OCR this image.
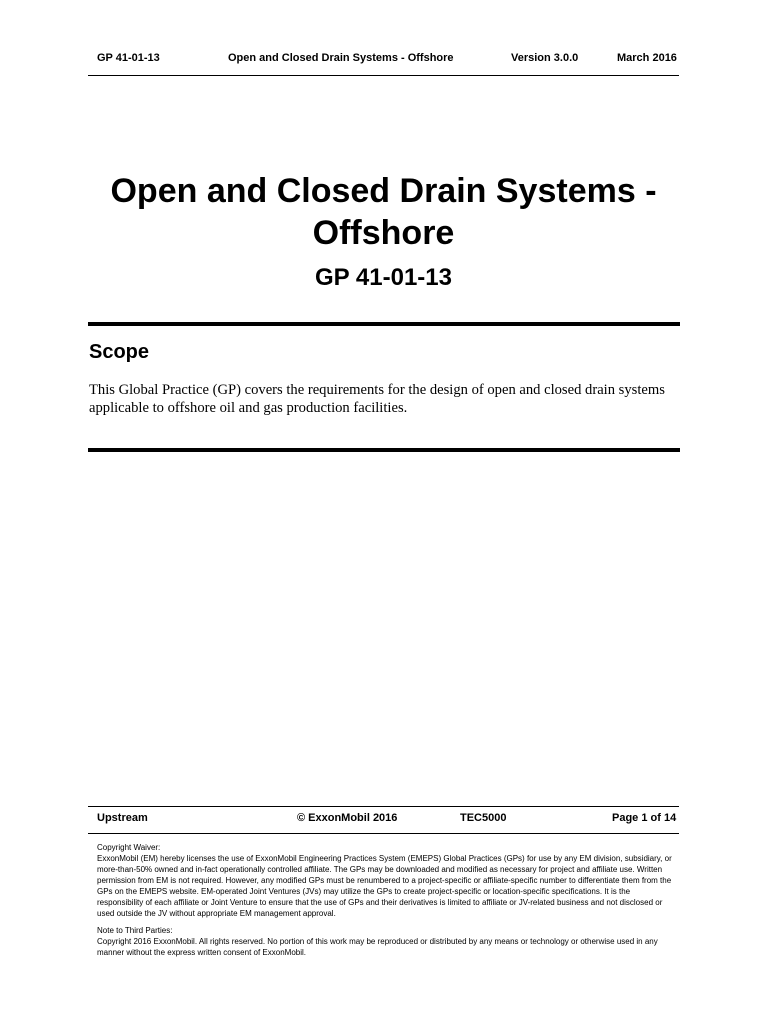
GP 41-01-13	Open and Closed Drain Systems - Offshore	Version 3.0.0	March 2016
Open and Closed Drain Systems -
Offshore
GP 41-01-13
Scope
This Global Practice (GP) covers the requirements for the design of open and closed drain systems applicable to offshore oil and gas production facilities.
Upstream	© ExxonMobil 2016	TEC5000	Page 1 of 14
Copyright Waiver:
ExxonMobil (EM) hereby licenses the use of ExxonMobil Engineering Practices System (EMEPS) Global Practices (GPs) for use by any EM division, subsidiary, or more-than-50% owned and in-fact operationally controlled affiliate. The GPs may be downloaded and modified as necessary for project and affiliate use. Written permission from EM is not required. However, any modified GPs must be renumbered to a project-specific or affiliate-specific number to differentiate them from the GPs on the EMEPS website. EM-operated Joint Ventures (JVs) may utilize the GPs to create project-specific or location-specific specifications. It is the responsibility of each affiliate or Joint Venture to ensure that the use of GPs and their derivatives is limited to affiliate or JV-related business and not disclosed or used outside the JV without appropriate EM management approval.
Note to Third Parties:
Copyright 2016 ExxonMobil. All rights reserved. No portion of this work may be reproduced or distributed by any means or technology or otherwise used in any manner without the express written consent of ExxonMobil.
